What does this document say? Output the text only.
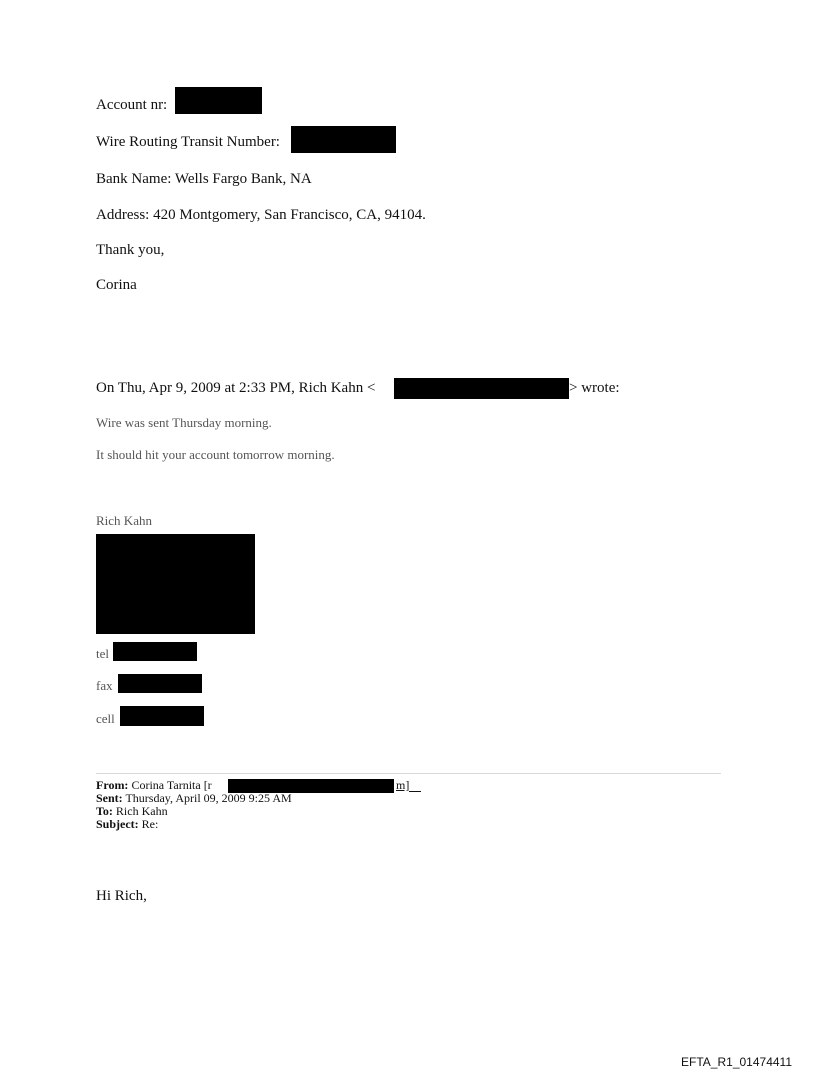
Account nr:
Wire Routing Transit Number:
Bank Name: Wells Fargo Bank, NA
Address: 420 Montgomery, San Francisco, CA, 94104.
Thank you,
Corina
On Thu, Apr 9, 2009 at 2:33 PM, Rich Kahn <	> wrote:
Wire was sent Thursday morning.
It should hit your account tomorrow morning.
Rich Kahn
tel
fax
cell
From: Corina Tarnita [r	m]
Sent: Thursday, April 09, 2009 9:25 AM
To: Rich Kahn
Subject: Re:
Hi Rich,
EFTA_R1_01474411
